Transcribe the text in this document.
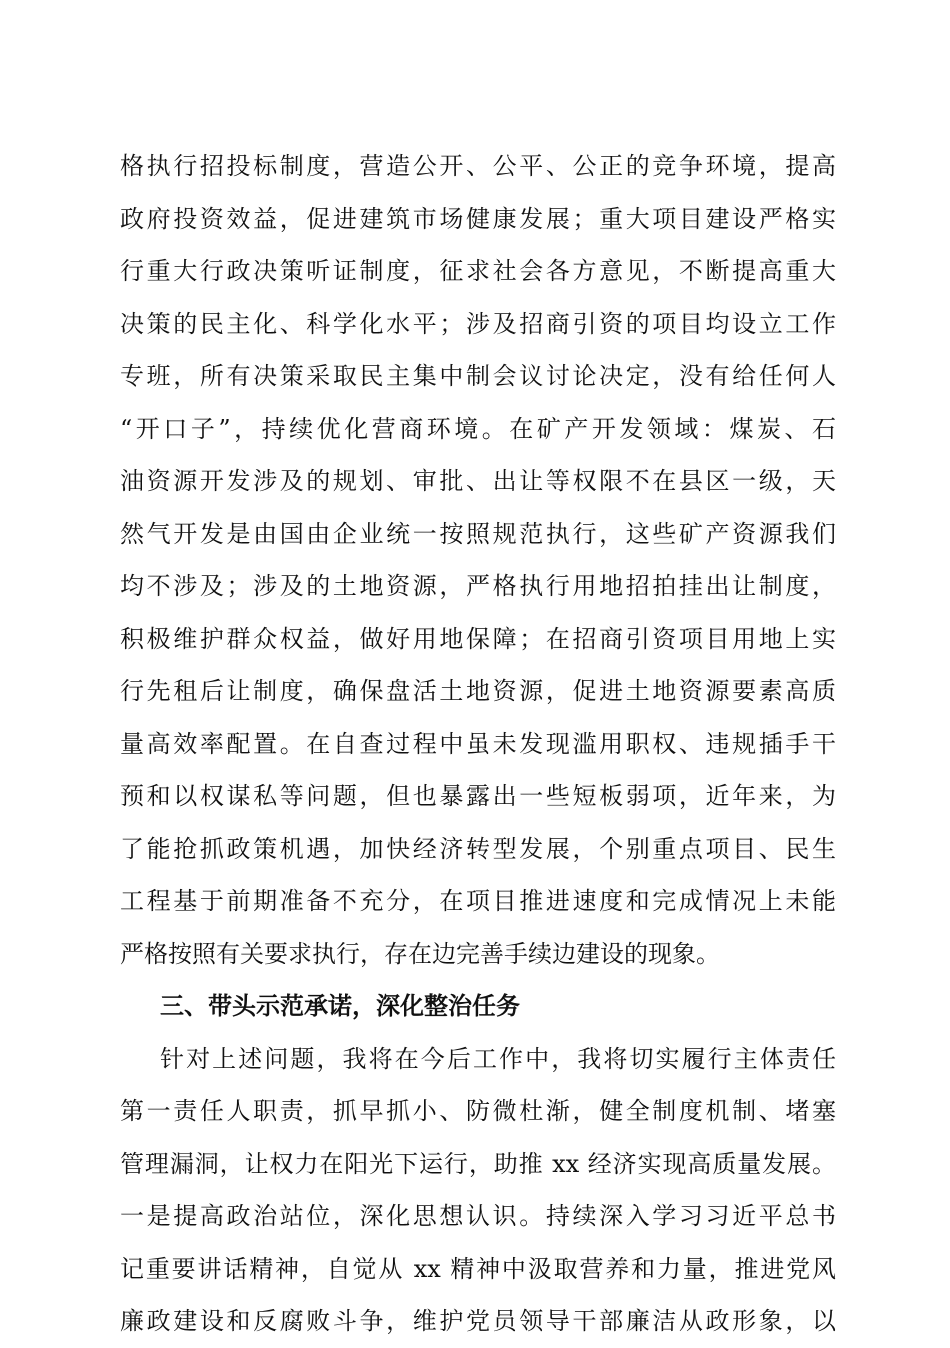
格执行招投标制度，营造公开、公平、公正的竞争环境，提高
政府投资效益，促进建筑市场健康发展；重大项目建设严格实
行重大行政决策听证制度，征求社会各方意见，不断提高重大
决策的民主化、科学化水平；涉及招商引资的项目均设立工作
专班，所有决策采取民主集中制会议讨论决定，没有给任何人
“开口子”，持续优化营商环境。在矿产开发领域：煤炭、石
油资源开发涉及的规划、审批、出让等权限不在县区一级，天
然气开发是由国由企业统一按照规范执行，这些矿产资源我们
均不涉及；涉及的土地资源，严格执行用地招拍挂出让制度，
积极维护群众权益，做好用地保障；在招商引资项目用地上实
行先租后让制度，确保盘活土地资源，促进土地资源要素高质
量高效率配置。在自查过程中虽未发现滥用职权、违规插手干
预和以权谋私等问题，但也暴露出一些短板弱项，近年来，为
了能抢抓政策机遇，加快经济转型发展，个别重点项目、民生
工程基于前期准备不充分，在项目推进速度和完成情况上未能
严格按照有关要求执行，存在边完善手续边建设的现象。
三、带头示范承诺，深化整治任务
针对上述问题，我将在今后工作中，我将切实履行主体责任
第一责任人职责，抓早抓小、防微杜渐，健全制度机制、堵塞
管理漏洞，让权力在阳光下运行，助推 xx 经济实现高质量发展。
一是提高政治站位，深化思想认识。持续深入学习习近平总书
记重要讲话精神，自觉从 xx 精神中汲取营养和力量，推进党风
廉政建设和反腐败斗争，维护党员领导干部廉洁从政形象，以
